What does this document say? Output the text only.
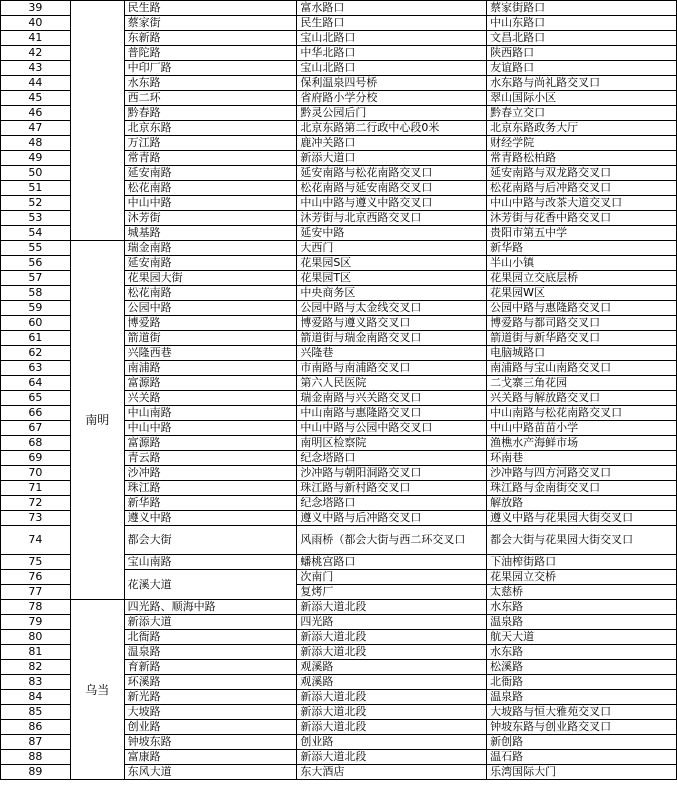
39		民生路	富水路口	蔡家街路口
40		蔡家街	民生路口	中山东路口
41		东新路	宝山北路口	文昌北路口
42		普陀路	中华北路口	陕西路口
43		中印厂路	宝山北路口	友谊路口
44		水东路	保利温泉四号桥	水东路与尚礼路交叉口
45		西二环	省府路小学分校	翠山国际小区
46		黔春路	黔灵公园后门	黔春立交口
47		北京东路	北京东路第二行政中心段0米	北京东路政务大厅
48		万江路	鹿冲关路口	财经学院
49		常青路	新添大道口	常青路松柏路
50		延安南路	延安南路与松花南路交叉口	延安南路与双龙路交叉口
51		松花南路	松花南路与延安南路交叉口	松花南路与后冲路交叉口
52		中山中路	中山中路与遵义中路交叉口	中山中路与改茶大道交叉口
53		沐芳街	沐芳街与北京西路交叉口	沐芳街与花香中路交叉口
54		城基路	延安中路	贵阳市第五中学
55	南明	瑞金南路	大西门	新华路
56		延安南路	花果园S区	半山小镇
57		花果园大街	花果园T区	花果园立交底层桥
58		松花南路	中央商务区	花果园W区
59		公园中路	公园中路与太金线交叉口	公园中路与惠隆路交叉口
60		博爱路	博爱路与遵义路交叉口	博爱路与都司路交叉口
61		箭道街	箭道街与瑞金南路交叉口	箭道街与新华路交叉口
62		兴隆西巷	兴隆巷	电脑城路口
63		南浦路	市南路与南浦路交叉口	南浦路与宝山南路交叉口
64		富源路	第六人民医院	二戈寨三角花园
65		兴关路	瑞金南路与兴关路交叉口	兴关路与解放路交叉口
66		中山南路	中山南路与惠隆路交叉口	中山南路与松花南路交叉口
67		中山中路	中山中路与公园中路交叉口	中山中路苗苗小学
68		富源路	南明区检察院	渔樵水产海鲜市场
69		青云路	纪念塔路口	环南巷
70		沙冲路	沙冲路与朝阳洞路交叉口	沙冲路与四方河路交叉口
71		珠江路	珠江路与新村路交叉口	珠江路与金南街交叉口
72		新华路	纪念塔路口	解放路
73		遵义中路	遵义中路与后冲路交叉口	遵义中路与花果园大街交叉口
74		都会大街	风雨桥（都会大街与西二环交叉口	都会大街与花果园大街交叉口
75		宝山南路	蟠桃宫路口	下油榨街路口
76		花溪大道	次南门	花果园立交桥
77			复烤厂	太慈桥
78	乌当	四光路、顺海中路	新添大道北段	水东路
79		新添大道	四光路	温泉路
80		北衙路	新添大道北段	航天大道
81		温泉路	新添大道北段	水东路
82		育新路	观溪路	松溪路
83		环溪路	观溪路	北衙路
84		新光路	新添大道北段	温泉路
85		大坡路	新添大道北段	大坡路与恒大雅苑交叉口
86		创业路	新添大道北段	钟坡东路与创业路交叉口
87		钟坡东路	创业路	新创路
88		富康路	新添大道北段	温石路
89		东风大道	东大酒店	乐湾国际大门
